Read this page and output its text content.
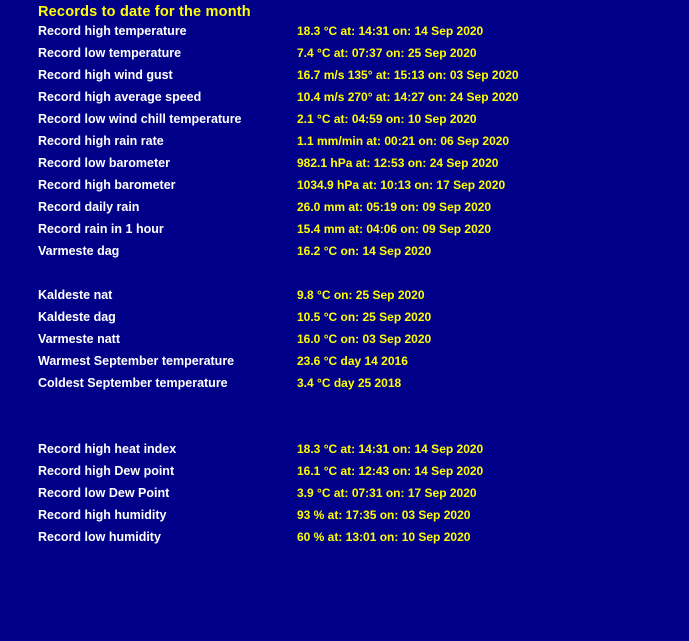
Records to date for the month
Record high temperature	18.3 °C at: 14:31 on: 14 Sep 2020
Record low temperature	7.4 °C at: 07:37 on: 25 Sep 2020
Record high wind gust	16.7 m/s 135° at: 15:13 on: 03 Sep 2020
Record high average speed	10.4 m/s 270° at: 14:27 on: 24 Sep 2020
Record low wind chill temperature	2.1 °C at: 04:59 on: 10 Sep 2020
Record high rain rate	1.1 mm/min at: 00:21 on: 06 Sep 2020
Record low barometer	982.1 hPa at: 12:53 on: 24 Sep 2020
Record high barometer	1034.9 hPa at: 10:13 on: 17 Sep 2020
Record daily rain	26.0 mm at: 05:19 on: 09 Sep 2020
Record rain in 1 hour	15.4 mm at: 04:06 on: 09 Sep 2020
Varmeste dag	16.2 °C on: 14 Sep 2020
Kaldeste nat	9.8 °C on: 25 Sep 2020
Kaldeste dag	10.5 °C on: 25 Sep 2020
Varmeste natt	16.0 °C on: 03 Sep 2020
Warmest September temperature	23.6 °C day 14 2016
Coldest September temperature	3.4 °C day 25 2018
Record high heat index	18.3 °C at: 14:31 on: 14 Sep 2020
Record high Dew point	16.1 °C at: 12:43 on: 14 Sep 2020
Record low Dew Point	3.9 °C at: 07:31 on: 17 Sep 2020
Record high humidity	93 % at: 17:35 on: 03 Sep 2020
Record low humidity	60 % at: 13:01 on: 10 Sep 2020
